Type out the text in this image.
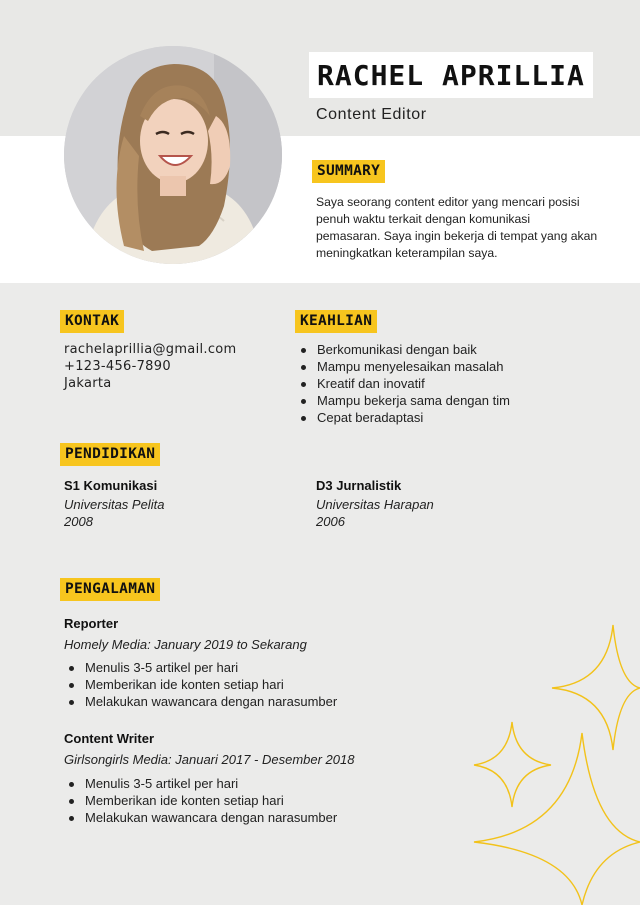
RACHEL APRILLIA
Content Editor
SUMMARY
Saya seorang content editor yang mencari posisi
penuh waktu terkait dengan komunikasi
pemasaran. Saya ingin bekerja di tempat yang akan
meningkatkan keterampilan saya.
KONTAK
rachelaprillia@gmail.com
+123-456-7890
Jakarta
KEAHLIAN
Berkomunikasi dengan baik
Mampu menyelesaikan masalah
Kreatif dan inovatif
Mampu bekerja sama dengan tim
Cepat beradaptasi
PENDIDIKAN
S1 Komunikasi
Universitas Pelita
2008
D3 Jurnalistik
Universitas Harapan
2006
PENGALAMAN
Reporter
Homely Media: January 2019 to Sekarang
Menulis 3-5 artikel per hari
Memberikan ide konten setiap hari
Melakukan wawancara dengan narasumber
Content Writer
Girlsongirls Media: Januari 2017 - Desember 2018
Menulis 3-5 artikel per hari
Memberikan ide konten setiap hari
Melakukan wawancara dengan narasumber
